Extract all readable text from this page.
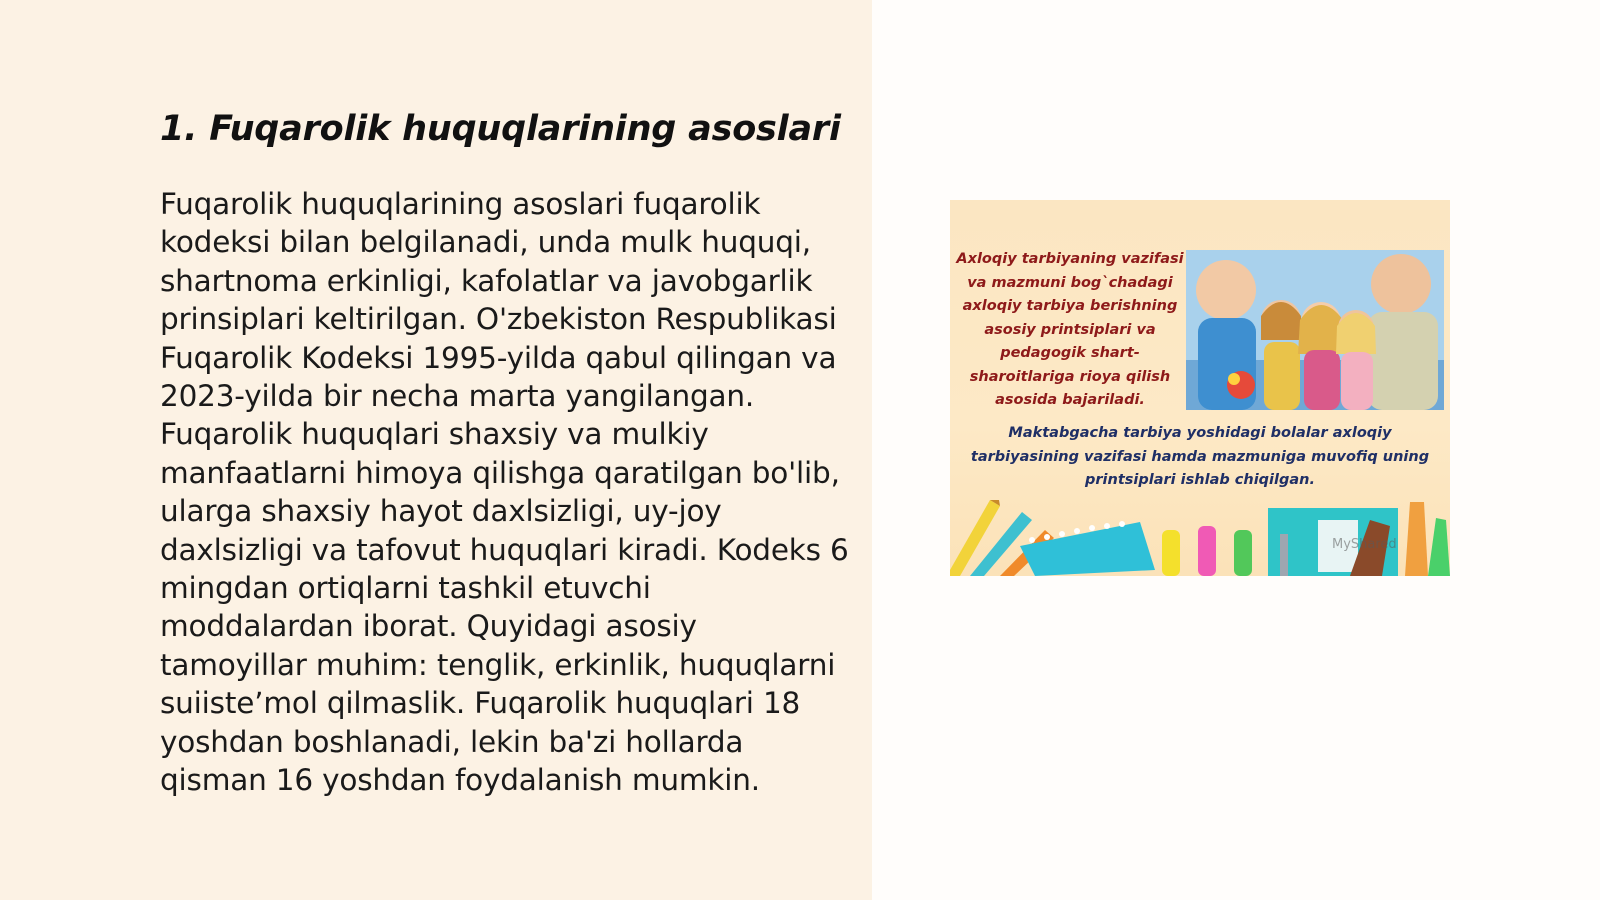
1. Fuqarolik huquqlarining asoslari

Fuqarolik huquqlarining asoslari fuqarolik kodeksi bilan belgilanadi, unda mulk huquqi, shartnoma erkinligi, kafolatlar va javobgarlik prinsiplari keltirilgan. O'zbekiston Respublikasi Fuqarolik Kodeksi 1995-yilda qabul qilingan va 2023-yilda bir necha marta yangilangan. Fuqarolik huquqlari shaxsiy va mulkiy manfaatlarni himoya qilishga qaratilgan bo'lib, ularga shaxsiy hayot daxlsizligi, uy-joy daxlsizligi va tafovut huquqlari kiradi. Kodeks 6 mingdan ortiqlarni tashkil etuvchi moddalardan iborat. Quyidagi asosiy tamoyillar muhim: tenglik, erkinlik, huquqlarni suiiste’mol qilmaslik. Fuqarolik huquqlari 18 yoshdan boshlanadi, lekin ba'zi hollarda qisman 16 yoshdan foydalanish mumkin.

Axloqiy tarbiyaning vazifasi va mazmuni bog`chadagi axloqiy tarbiya berishning asosiy printsiplari va pedagogik shart-sharoitlariga rioya qilish asosida bajariladi.

Maktabgacha tarbiya yoshidagi bolalar axloqiy tarbiyasining vazifasi hamda mazmuniga muvofiq uning printsiplari ishlab chiqilgan.

MyShared
